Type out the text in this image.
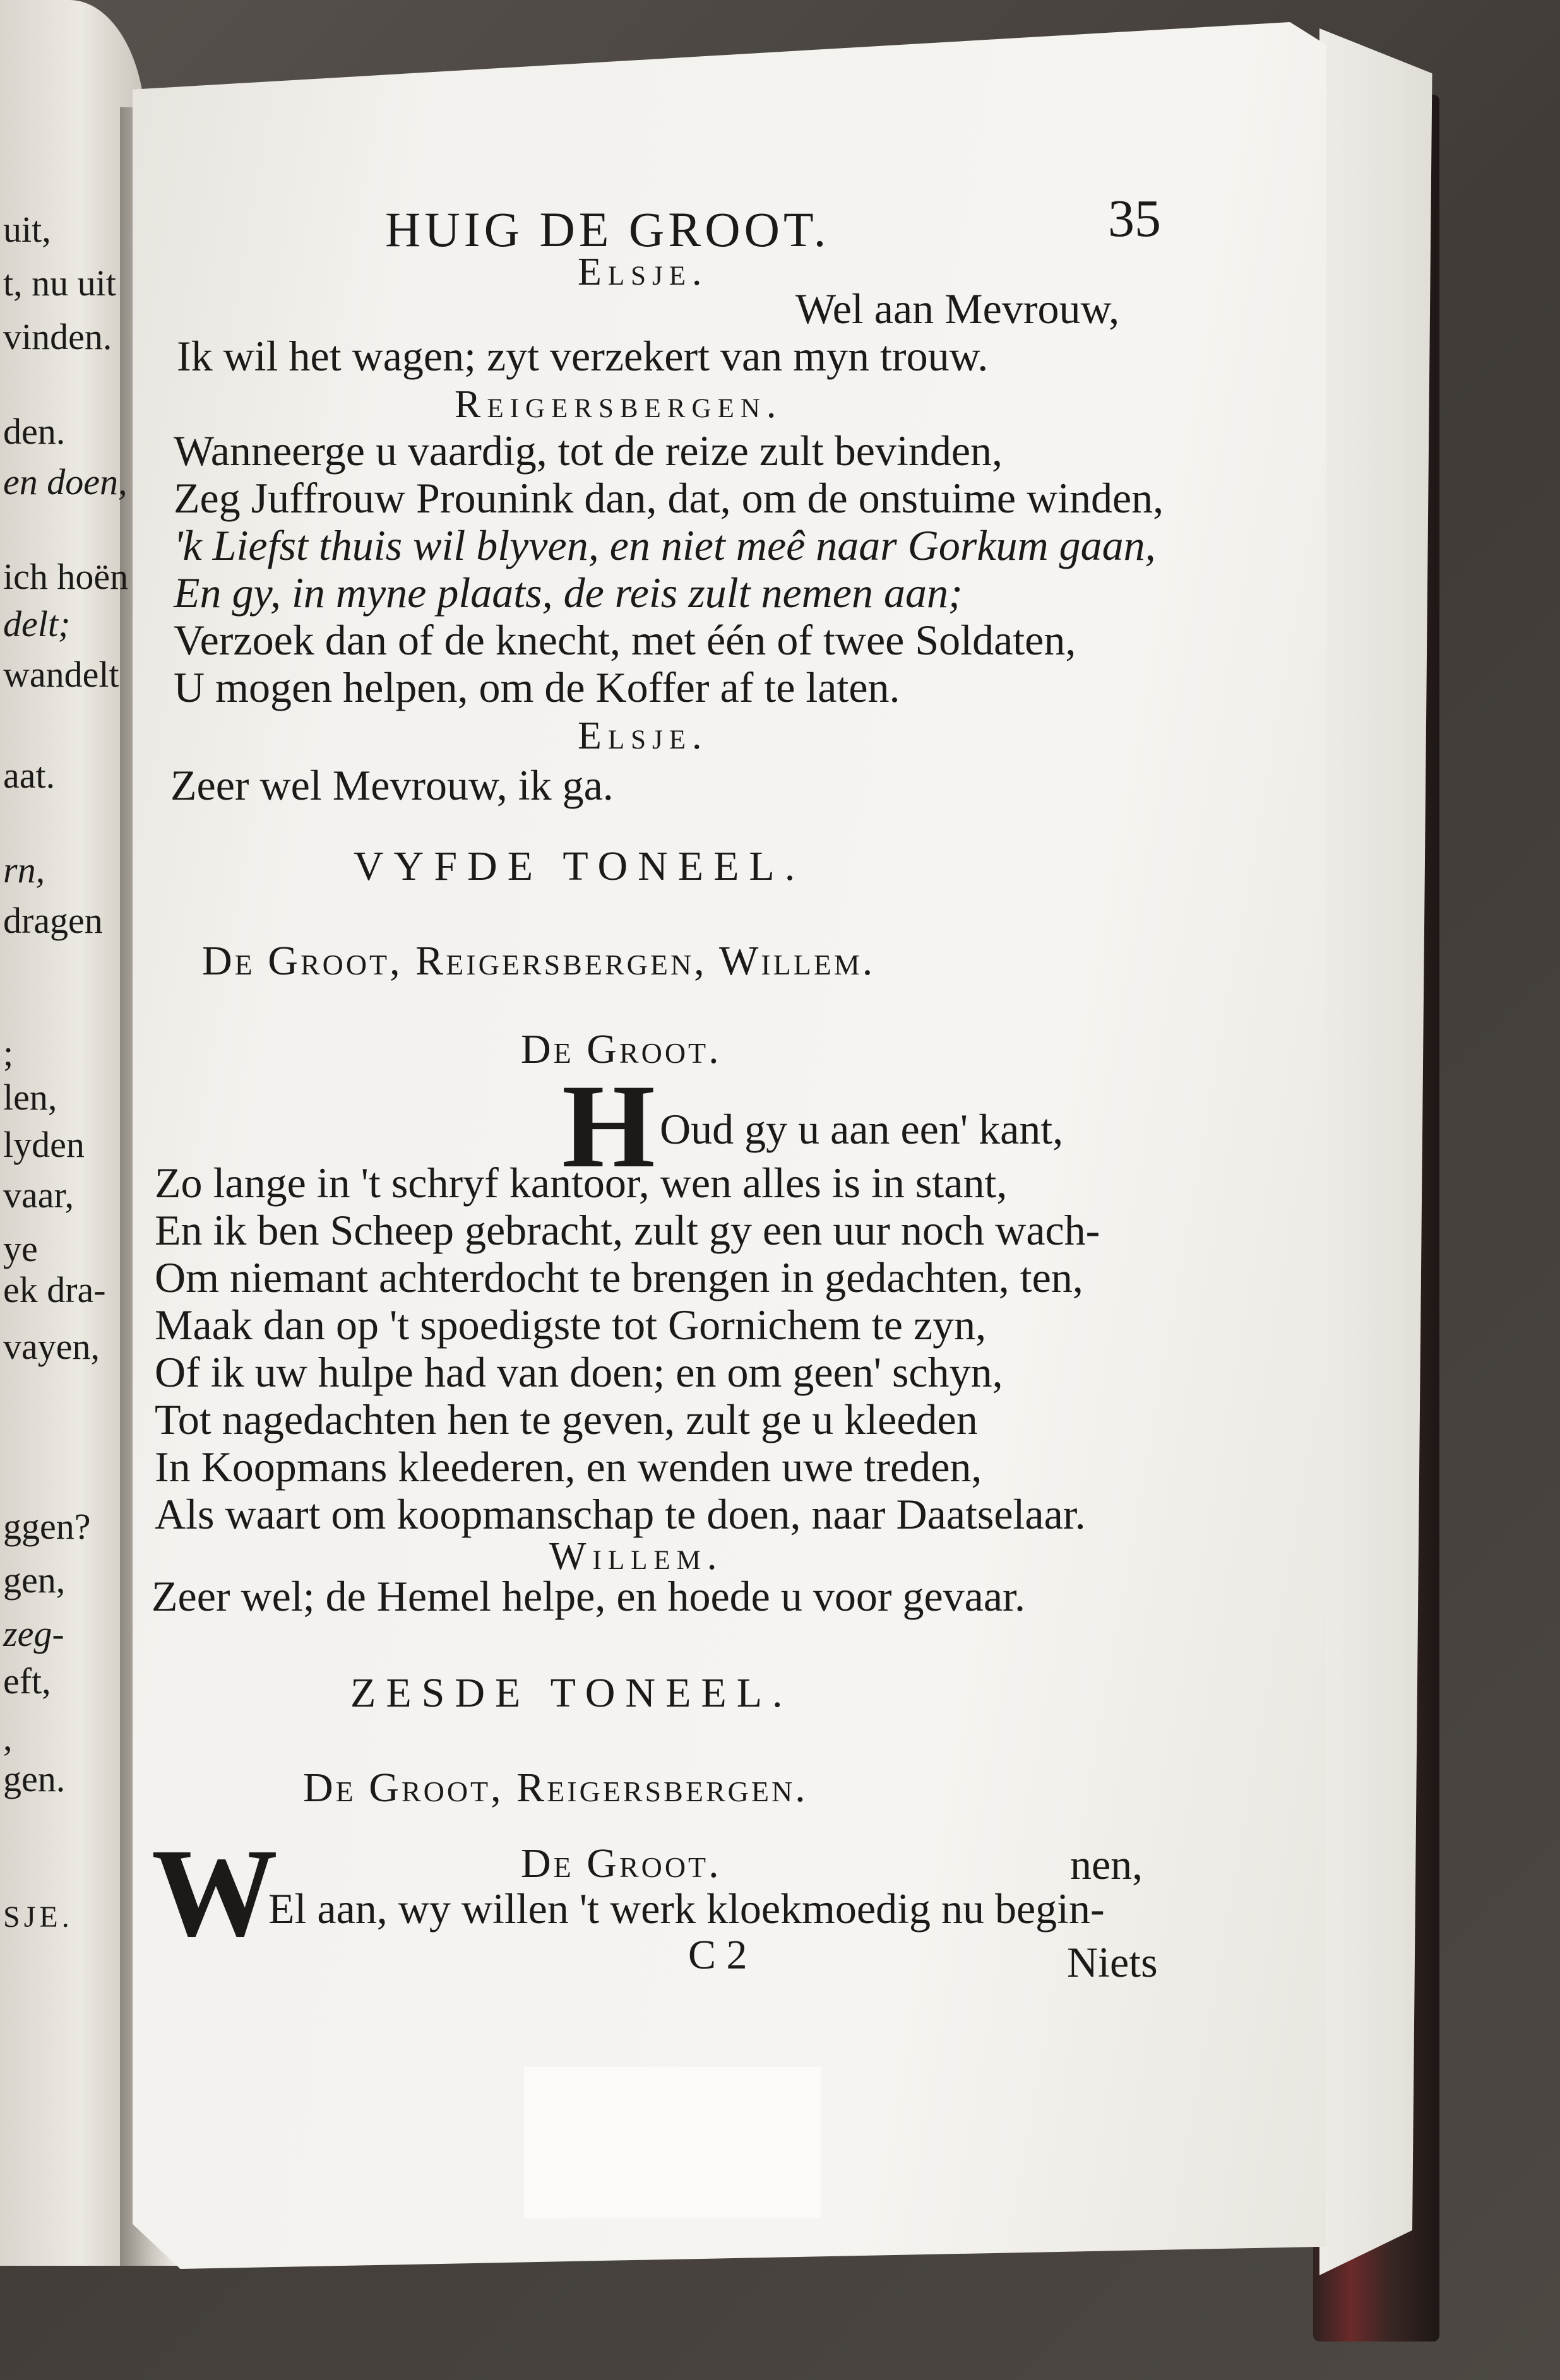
uit,
t, nu uit
vinden.
den.
en doen,
ich hoën
delt;
wandelt
aat.
rn,
dragen
;
len,
lyden
vaar,
ye
ek dra-
vayen,
ggen?
gen,
zeg-
eft,
,
gen.
SJE.
HUIG DE GROOT.	35
Elsje.
Wel aan Mevrouw,
Ik wil het wagen; zyt verzekert van myn trouw.
Reigersbergen.
Wanneerge u vaardig, tot de reize zult bevinden,
Zeg Juffrouw Prounink dan, dat, om de onstuime winden,
'k Liefst thuis wil blyven, en niet meê naar Gorkum gaan,
En gy, in myne plaats, de reis zult nemen aan;
Verzoek dan of de knecht, met één of twee Soldaten,
U mogen helpen, om de Koffer af te laten.
Elsje.
Zeer wel Mevrouw, ik ga.
VYFDE TONEEL.
De Groot, Reigersbergen, Willem.
De Groot.
H Oud gy u aan een' kant,
Zo lange in 't schryf kantoor, wen alles is in stant,
En ik ben Scheep gebracht, zult gy een uur noch wach-
Om niemant achterdocht te brengen in gedachten, ten,
Maak dan op 't spoedigste tot Gornichem te zyn,
Of ik uw hulpe had van doen; en om geen' schyn,
Tot nagedachten hen te geven, zult ge u kleeden
In Koopmans kleederen, en wenden uwe treden,
Als waart om koopmanschap te doen, naar Daatselaar.
Willem.
Zeer wel; de Hemel helpe, en hoede u voor gevaar.
ZESDE TONEEL.
De Groot, Reigersbergen.
De Groot.	nen,
W
El aan, wy willen 't werk kloekmoedig nu begin-
C 2	Niets
